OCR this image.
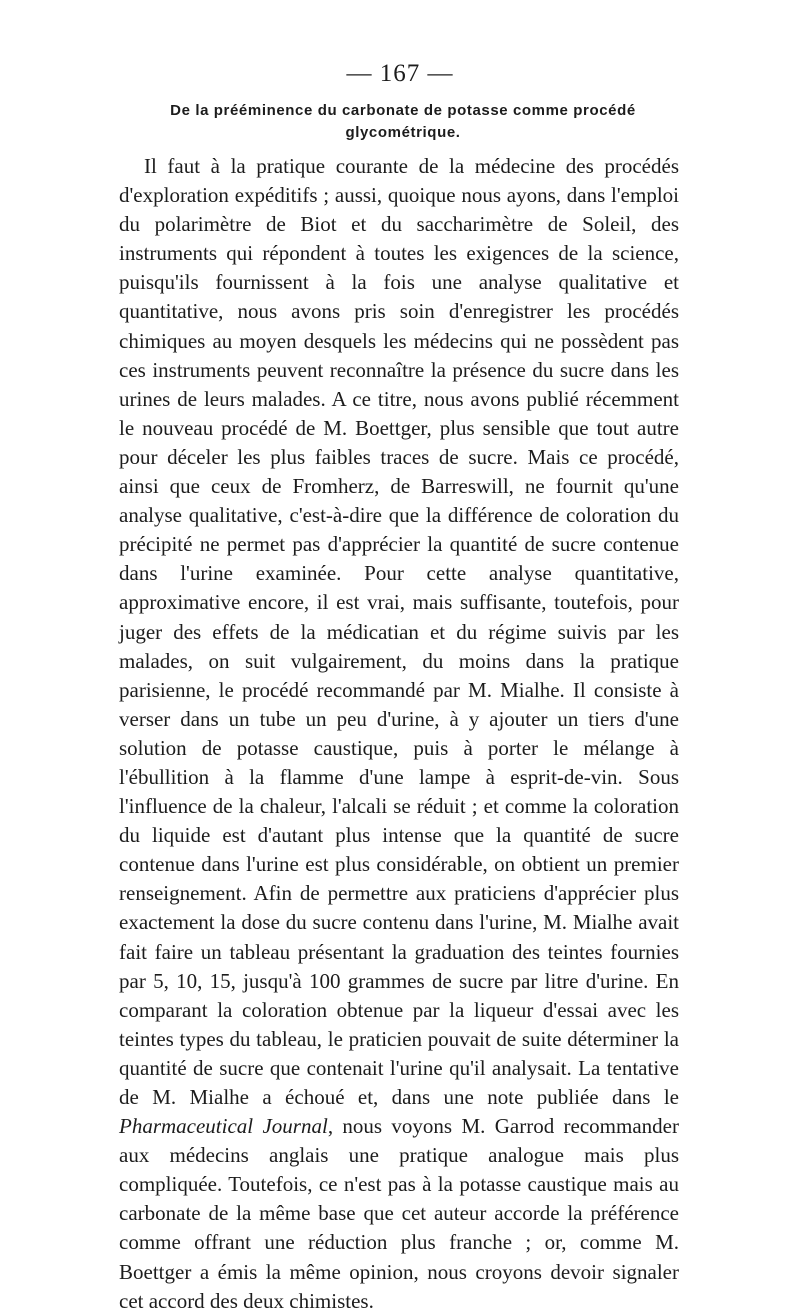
— 167 —
De la prééminence du carbonate de potasse comme procédé glycométrique.

Il faut à la pratique courante de la médecine des procédés d'exploration expéditifs ; aussi, quoique nous ayons, dans l'emploi du polarimètre de Biot et du saccharimètre de Soleil, des instruments qui répondent à toutes les exigences de la science, puisqu'ils fournissent à la fois une analyse qualitative et quantitative, nous avons pris soin d'enregistrer les procédés chimiques au moyen desquels les médecins qui ne possèdent pas ces instruments peuvent reconnaître la présence du sucre dans les urines de leurs malades. A ce titre, nous avons publié récemment le nouveau procédé de M. Boettger, plus sensible que tout autre pour déceler les plus faibles traces de sucre. Mais ce procédé, ainsi que ceux de Fromherz, de Barreswill, ne fournit qu'une analyse qualitative, c'est-à-dire que la différence de coloration du précipité ne permet pas d'apprécier la quantité de sucre contenue dans l'urine examinée. Pour cette analyse quantitative, approximative encore, il est vrai, mais suffisante, toutefois, pour juger des effets de la médicatian et du régime suivis par les malades, on suit vulgairement, du moins dans la pratique parisienne, le procédé recommandé par M. Mialhe. Il consiste à verser dans un tube un peu d'urine, à y ajouter un tiers d'une solution de potasse caustique, puis à porter le mélange à l'ébullition à la flamme d'une lampe à esprit-de-vin. Sous l'influence de la chaleur, l'alcali se réduit ; et comme la coloration du liquide est d'autant plus intense que la quantité de sucre contenue dans l'urine est plus considérable, on obtient un premier renseignement. Afin de permettre aux praticiens d'apprécier plus exactement la dose du sucre contenu dans l'urine, M. Mialhe avait fait faire un tableau présentant la graduation des teintes fournies par 5, 10, 15, jusqu'à 100 grammes de sucre par litre d'urine. En comparant la coloration obtenue par la liqueur d'essai avec les teintes types du tableau, le praticien pouvait de suite déterminer la quantité de sucre que contenait l'urine qu'il analysait. La tentative de M. Mialhe a échoué et, dans une note publiée dans le Pharmaceutical Journal, nous voyons M. Garrod recommander aux médecins anglais une pratique analogue mais plus compliquée. Toutefois, ce n'est pas à la potasse caustique mais au carbonate de la même base que cet auteur accorde la préférence comme offrant une réduction plus franche ; or, comme M. Boettger a émis la même opinion, nous croyons devoir signaler cet accord des deux chimistes.
